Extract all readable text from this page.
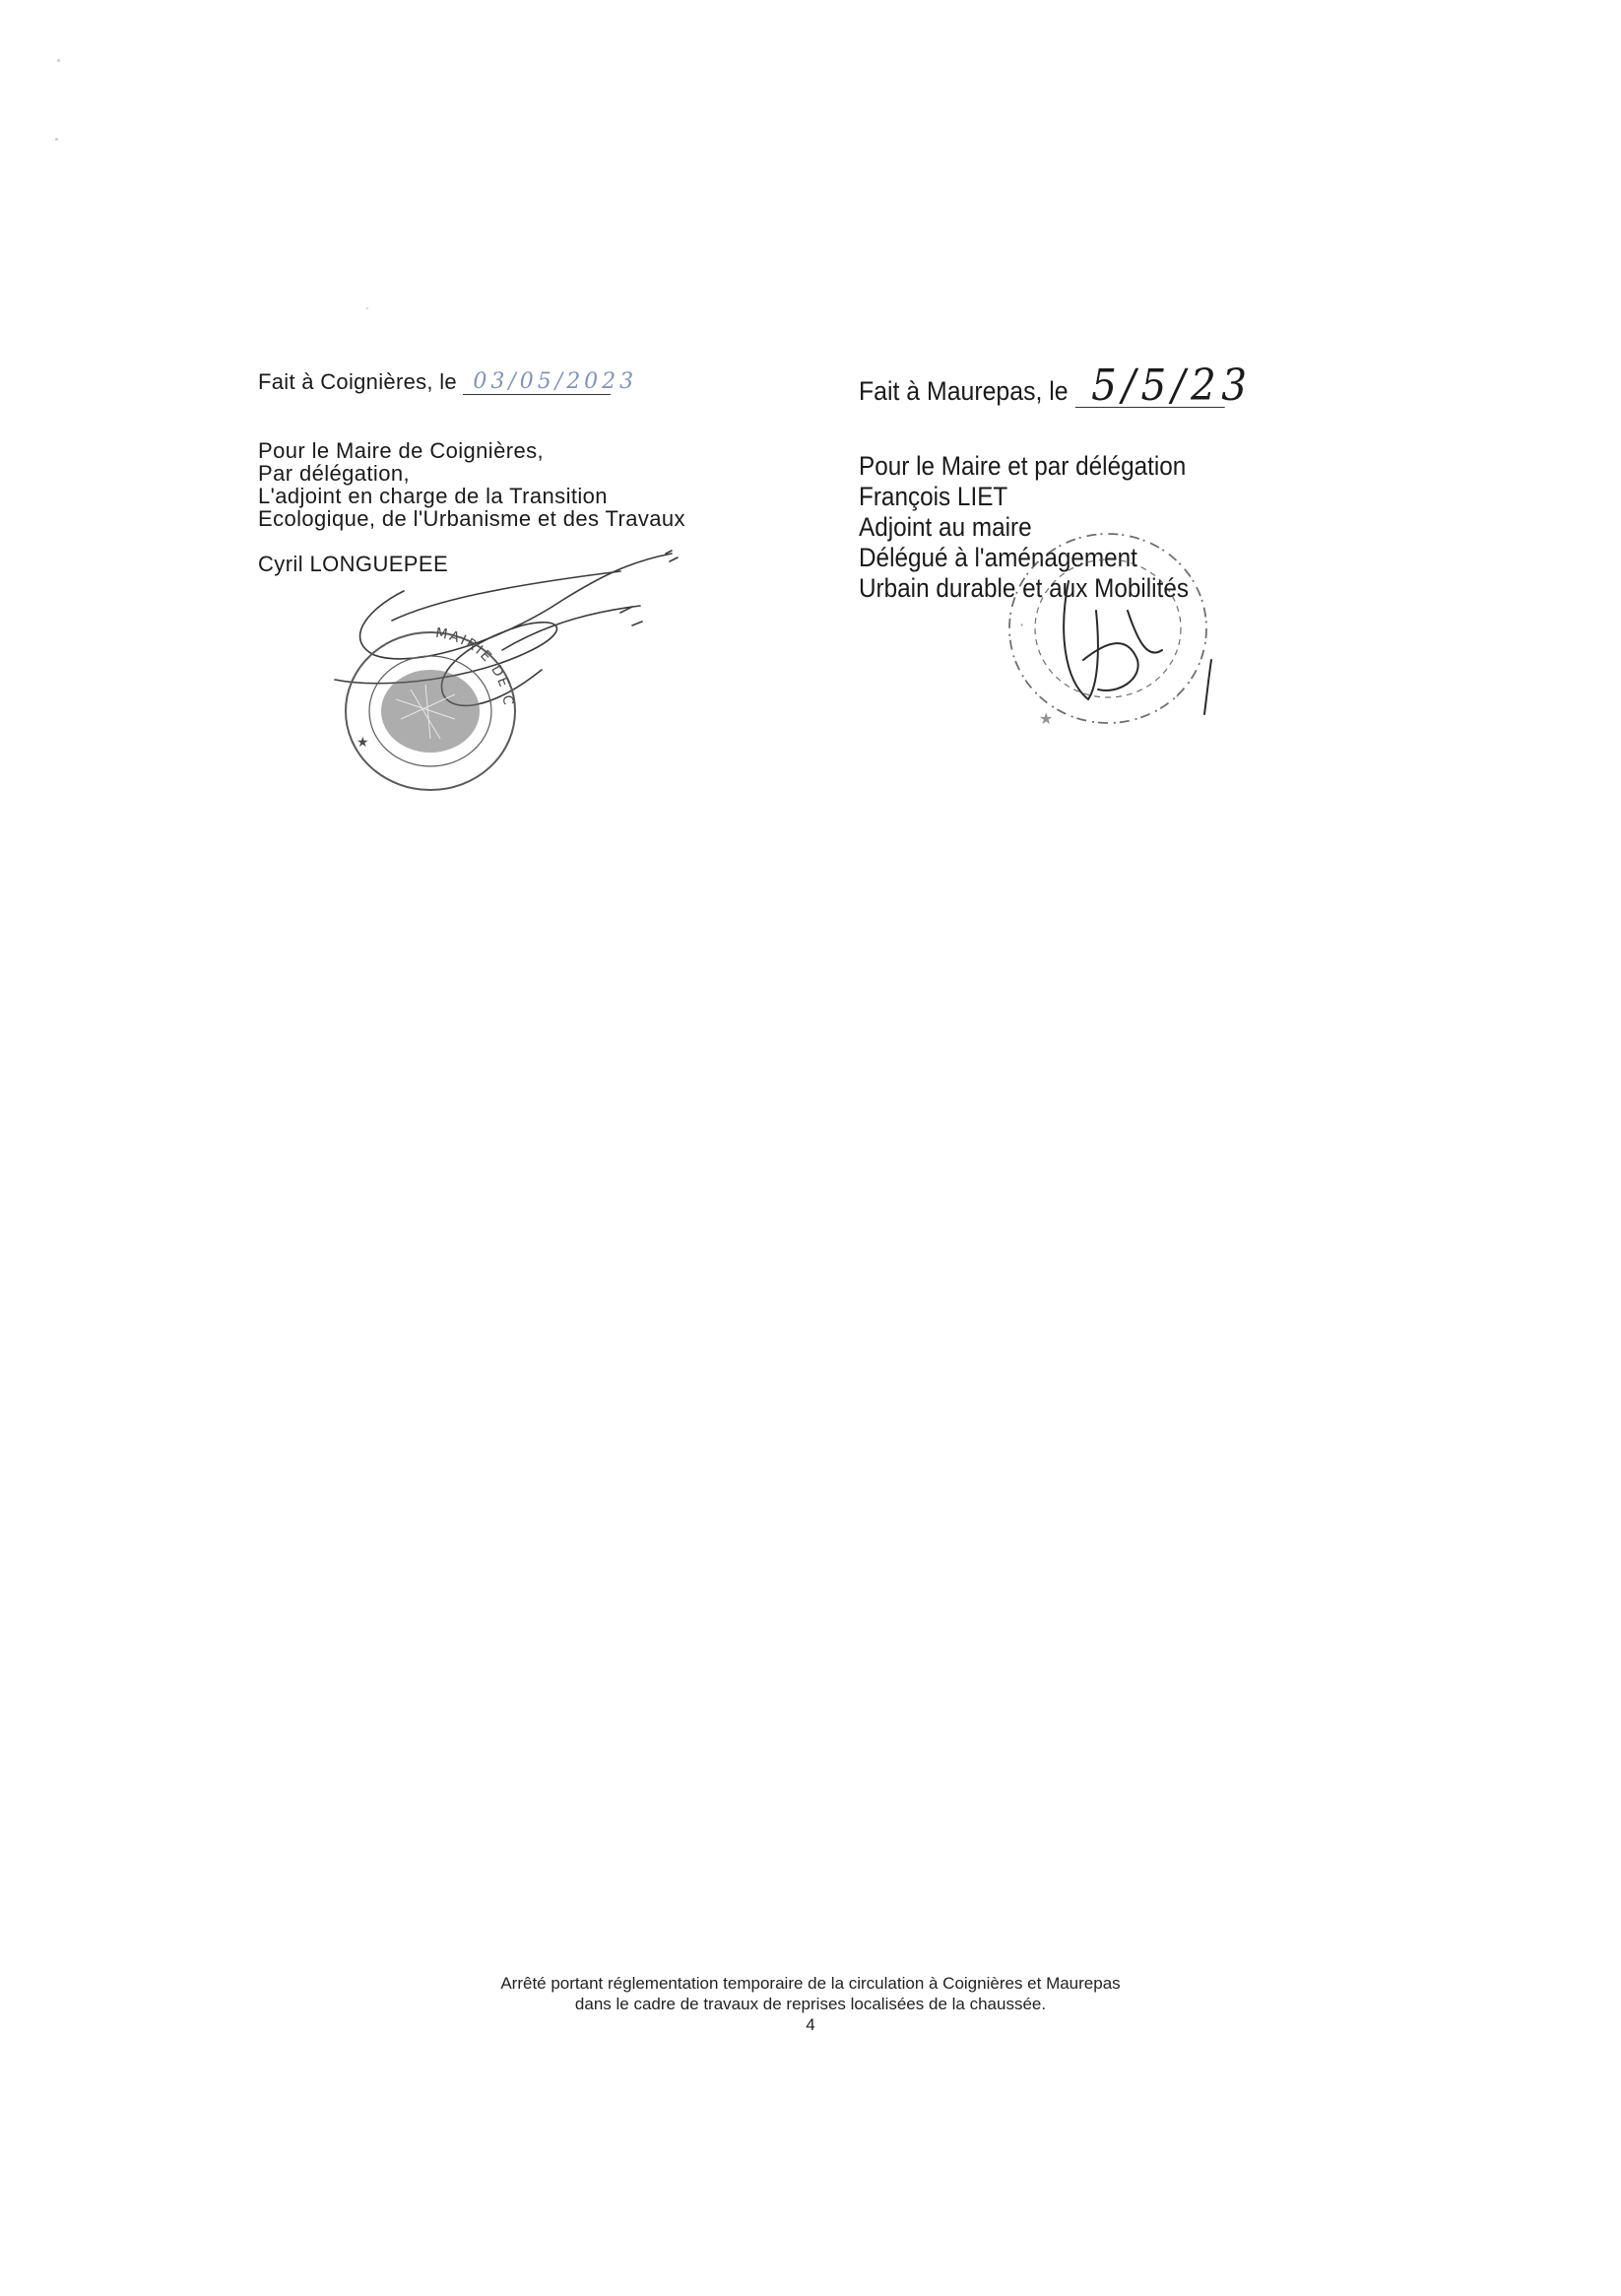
Fait à Coignières, le 03/05/2023
Pour le Maire de Coignières,
Par délégation,
L'adjoint en charge de la Transition
Ecologique, de l'Urbanisme et des Travaux
Cyril LONGUEPEE
MAIRIE DE COIGNIÈRES
★
Fait à Maurepas, le 5/5/23
Pour le Maire et par délégation
François LIET
Adjoint au maire
Délégué à l'aménagement
Urbain durable et aux Mobilités
★
·
·
Arrêté portant réglementation temporaire de la circulation à Coignières et Maurepas
dans le cadre de travaux de reprises localisées de la chaussée.
4
